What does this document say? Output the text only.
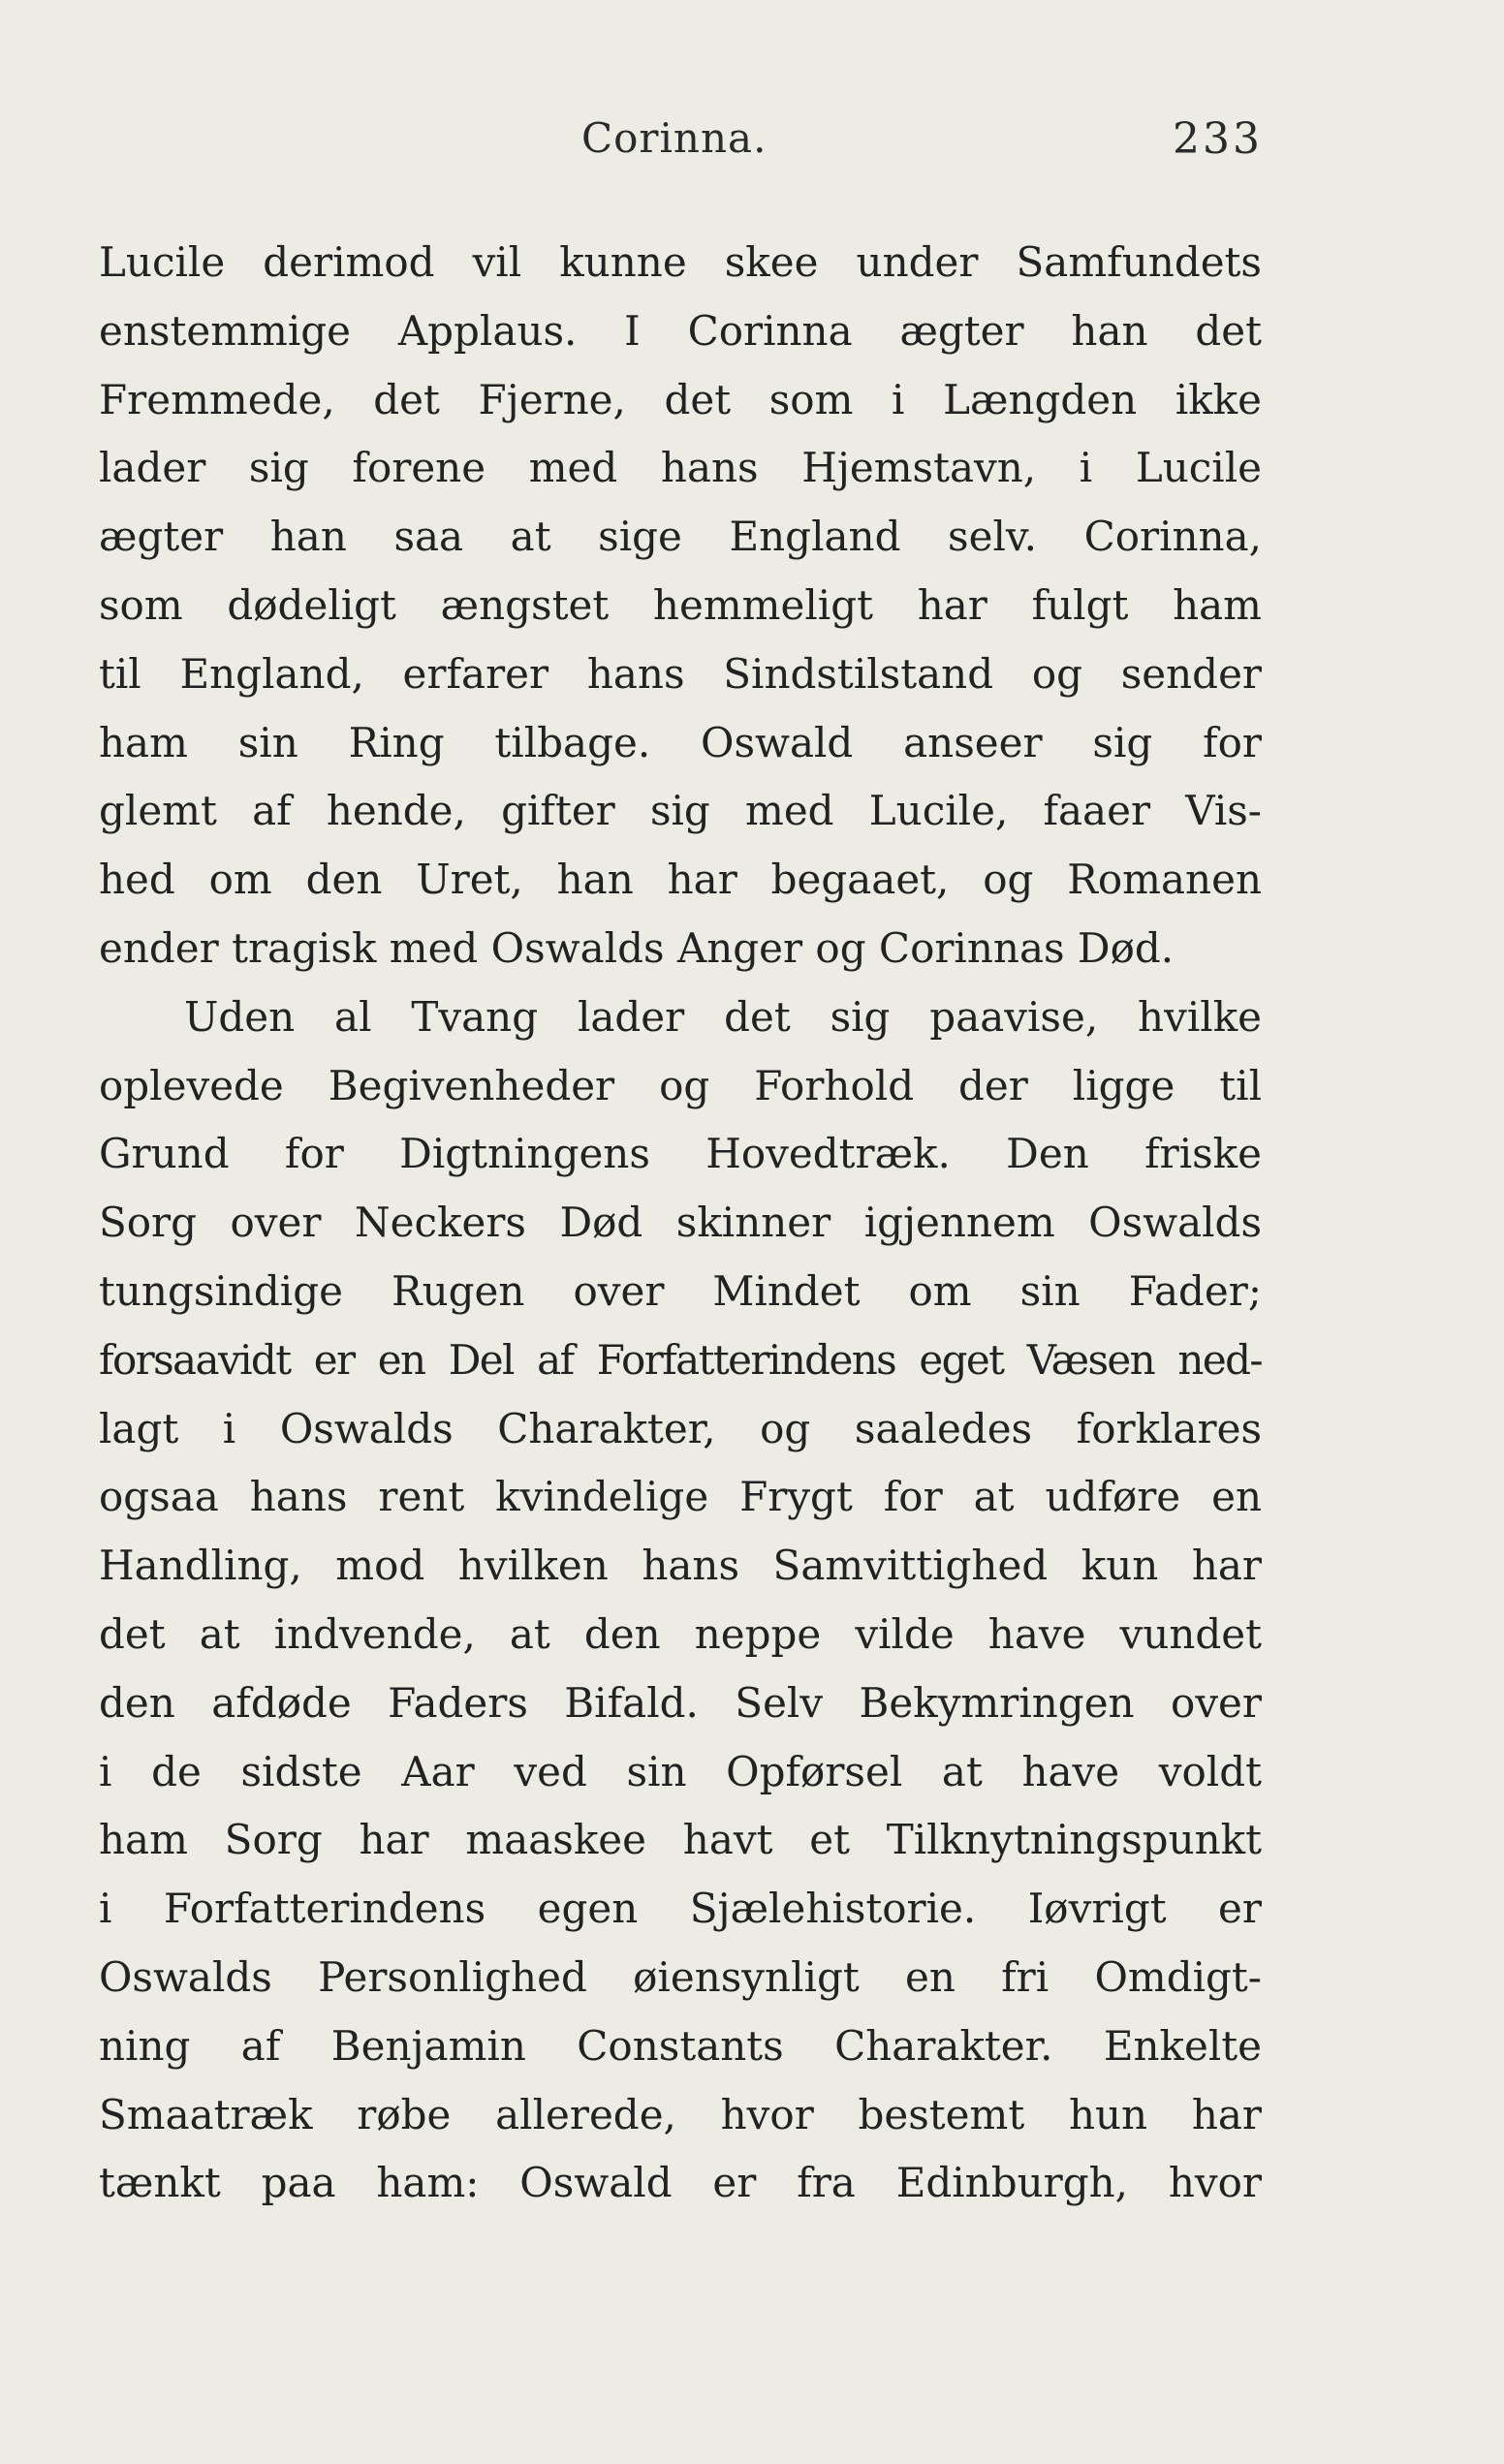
Corinna.	233
Lucile derimod vil kunne skee under Samfundets
enstemmige Applaus. I Corinna ægter han det
Fremmede, det Fjerne, det som i Længden ikke
lader sig forene med hans Hjemstavn, i Lucile
ægter han saa at sige England selv. Corinna,
som dødeligt ængstet hemmeligt har fulgt ham
til England, erfarer hans Sindstilstand og sender
ham sin Ring tilbage. Oswald anseer sig for
glemt af hende, gifter sig med Lucile, faaer Vis-
hed om den Uret, han har begaaet, og Romanen
ender tragisk med Oswalds Anger og Corinnas Død.
Uden al Tvang lader det sig paavise, hvilke
oplevede Begivenheder og Forhold der ligge til
Grund for Digtningens Hovedtræk. Den friske
Sorg over Neckers Død skinner igjennem Oswalds
tungsindige Rugen over Mindet om sin Fader;
forsaavidt er en Del af Forfatterindens eget Væsen ned-
lagt i Oswalds Charakter, og saaledes forklares
ogsaa hans rent kvindelige Frygt for at udføre en
Handling, mod hvilken hans Samvittighed kun har
det at indvende, at den neppe vilde have vundet
den afdøde Faders Bifald. Selv Bekymringen over
i de sidste Aar ved sin Opførsel at have voldt
ham Sorg har maaskee havt et Tilknytningspunkt
i Forfatterindens egen Sjælehistorie. Iøvrigt er
Oswalds Personlighed øiensynligt en fri Omdigt-
ning af Benjamin Constants Charakter. Enkelte
Smaatræk røbe allerede, hvor bestemt hun har
tænkt paa ham: Oswald er fra Edinburgh, hvor
